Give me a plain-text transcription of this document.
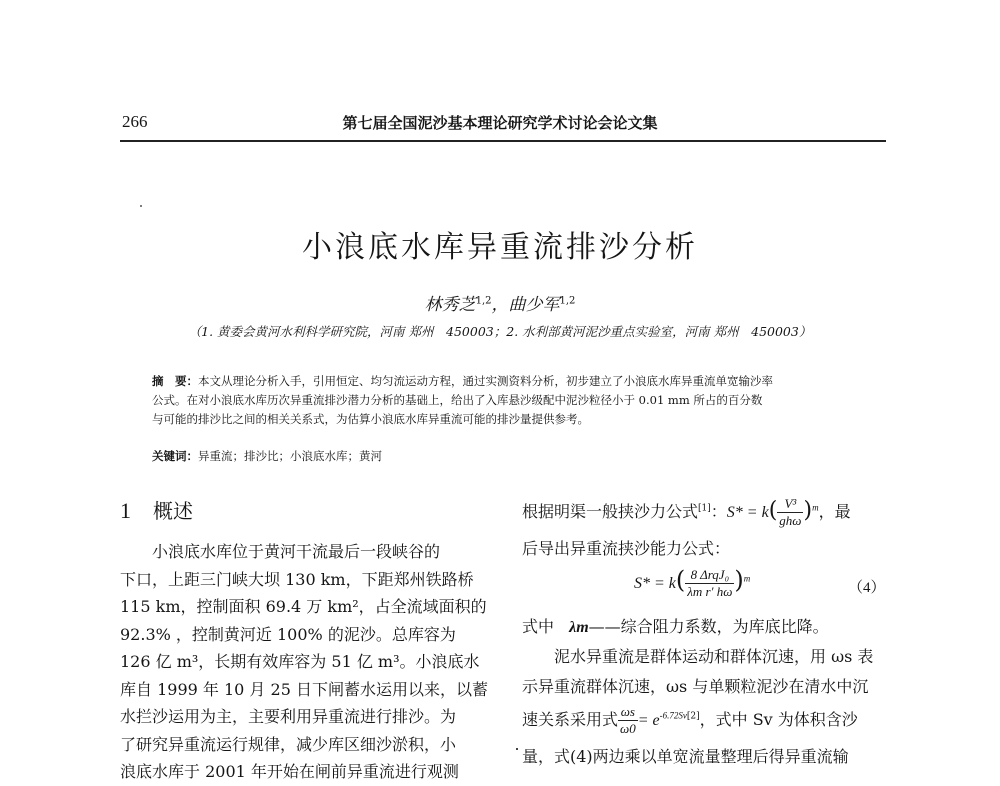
266	第七届全国泥沙基本理论研究学术讨论会论文集
小浪底水库异重流排沙分析
林秀芝$^{1,2}$，曲少军$^{1,2}$
（1. 黄委会黄河水利科学研究院，河南 郑州　450003；2. 水利部黄河泥沙重点实验室，河南 郑州　450003）
摘　要：本文从理论分析入手，引用恒定、均匀流运动方程，通过实测资料分析，初步建立了小浪底水库异重流单宽输沙率
公式。在对小浪底水库历次异重流排沙潜力分析的基础上，给出了入库悬沙级配中泥沙粒径小于 0.01 mm 所占的百分数
与可能的排沙比之间的相关关系式，为估算小浪底水库异重流可能的排沙量提供参考。
关键词：异重流；排沙比；小浪底水库；黄河
1 概述
小浪底水库位于黄河干流最后一段峡谷的
下口，上距三门峡大坝 130 km，下距郑州铁路桥
115 km，控制面积 69.4 万 km²，占全流域面积的
92.3% ，控制黄河近 100% 的泥沙。总库容为
126 亿 m³，长期有效库容为 51 亿 m³。小浪底水
库自 1999 年 10 月 25 日下闸蓄水运用以来，以蓄
水拦沙运用为主，主要利用异重流进行排沙。为
了研究异重流运行规律，减少库区细沙淤积，小
浪底水库于 2001 年开始在闸前异重流进行观测
根据明渠一般挟沙力公式[1]：$S* = k( \frac{\text{V³}}{\text{ghω}} )^m$，最
后导出异重流挟沙能力公式：
$S* = k( \frac{\text{8 ΔrqJ₀}}{\text{λm r′ hω}} )^m$
（4）
式中 λm——综合阻力系数，为库底比降。
泥水异重流是群体运动和群体沉速，用 ωs 表
示异重流群体沉速，ωs 与单颗粒泥沙在清水中沉
速关系采用式 $\frac{\omega s}{\omega 0} = e^{-6.72Sv[2]}$，式中 Sv 为体积含沙
量，式(4)两边乘以单宽流量整理后得异重流输
